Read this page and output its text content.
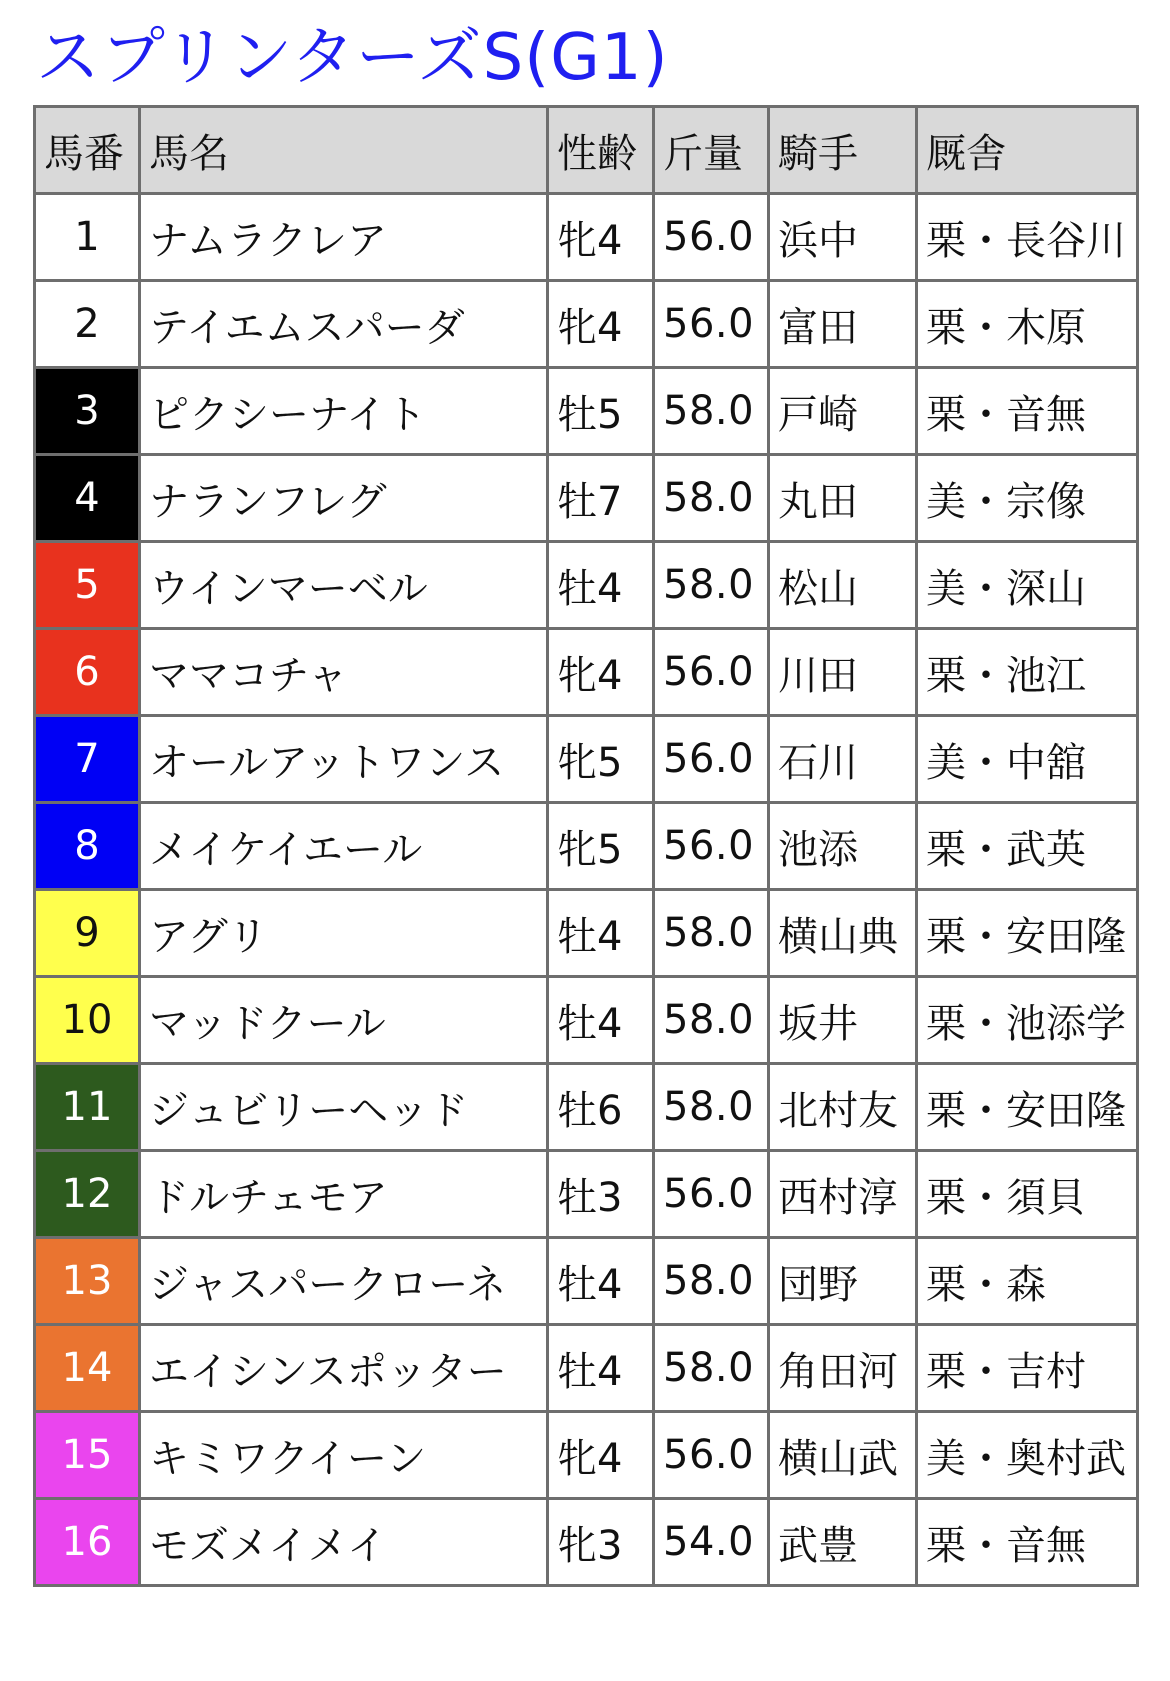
スプリンターズS(G1)
馬番	馬名	性齢	斤量	騎手	厩舎
1	ナムラクレア	牝4	56.0	浜中	栗・長谷川
2	テイエムスパーダ	牝4	56.0	富田	栗・木原
3	ピクシーナイト	牡5	58.0	戸崎	栗・音無
4	ナランフレグ	牡7	58.0	丸田	美・宗像
5	ウインマーベル	牡4	58.0	松山	美・深山
6	ママコチャ	牝4	56.0	川田	栗・池江
7	オールアットワンス	牝5	56.0	石川	美・中舘
8	メイケイエール	牝5	56.0	池添	栗・武英
9	アグリ	牡4	58.0	横山典	栗・安田隆
10	マッドクール	牡4	58.0	坂井	栗・池添学
11	ジュビリーヘッド	牡6	58.0	北村友	栗・安田隆
12	ドルチェモア	牡3	56.0	西村淳	栗・須貝
13	ジャスパークローネ	牡4	58.0	団野	栗・森
14	エイシンスポッター	牡4	58.0	角田河	栗・吉村
15	キミワクイーン	牝4	56.0	横山武	美・奥村武
16	モズメイメイ	牝3	54.0	武豊	栗・音無
